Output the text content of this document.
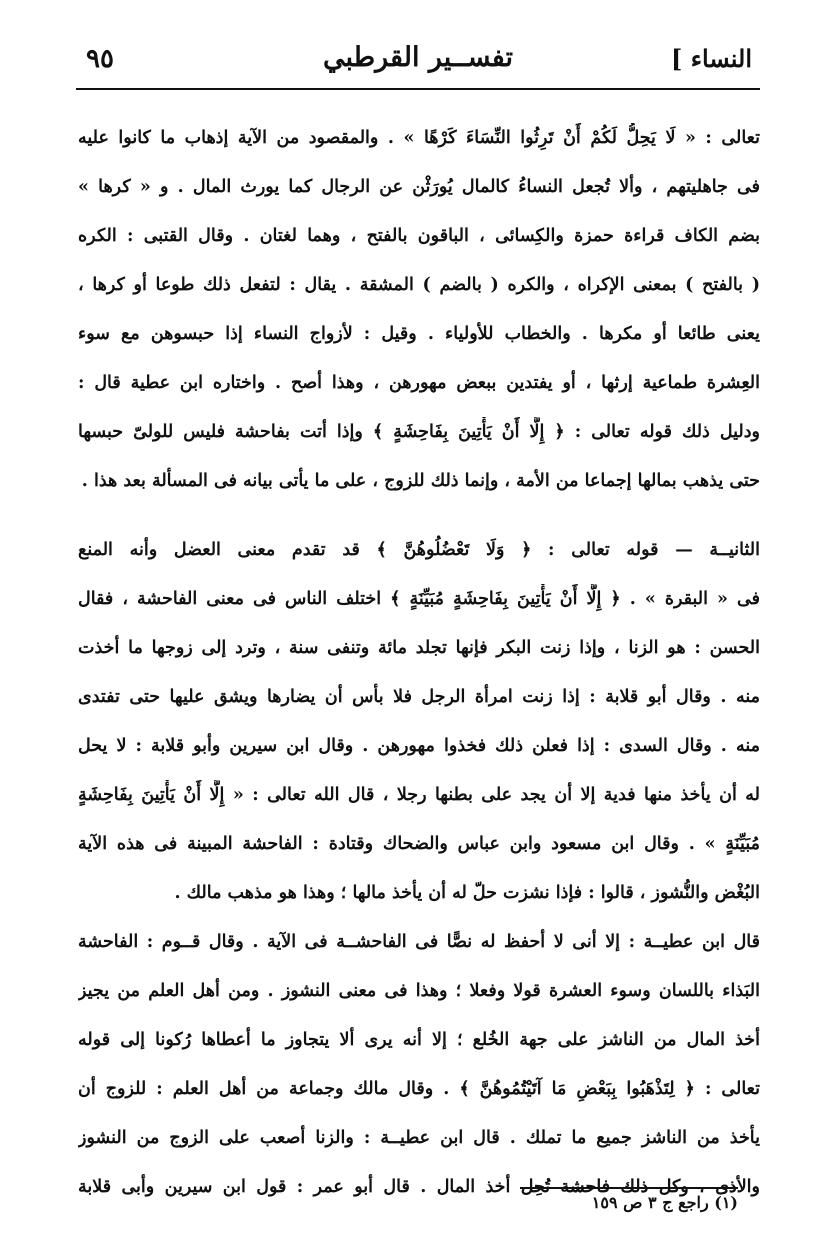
٩٥	تفســير القرطبي	النساء ]
تعالى : « لَا يَحِلُّ لَكُمْ أَنْ تَرِثُوا النِّسَاءَ كَرْهًا » . والمقصود من الآية إذهاب ما كانوا عليه
فى جاهليتهم ، وألا تُجعل النساءُ كالمال يُورَثْن عن الرجال كما يورث المال . و « كرها »
بضم الكاف قراءة حمزة والكِسائى ، الباقون بالفتح ، وهما لغتان . وقال القتبى : الكره
( بالفتح ) بمعنى الإكراه ، والكره ( بالضم ) المشقة . يقال : لتفعل ذلك طوعا أو كرها ،
يعنى طائعا أو مكرها . والخطاب للأولياء . وقيل : لأزواج النساء إذا حبسوهن مع سوء
العِشرة طماعية إرثها ، أو يفتدين ببعض مهورهن ، وهذا أصح . واختاره ابن عطية قال :
ودليل ذلك قوله تعالى : ﴿ إِلَّا أَنْ يَأْتِينَ بِفَاحِشَةٍ ﴾ وإذا أتت بفاحشة فليس للولىّ حبسها
حتى يذهب بمالها إجماعا من الأمة ، وإنما ذلك للزوج ، على ما يأتى بيانه فى المسألة بعد هذا .
الثانيــة — قوله تعالى : ﴿ وَلَا تَعْضُلُوهُنَّ ﴾ قد تقدم معنى العضل وأنه المنع
فى « البقرة » . ﴿ إِلَّا أَنْ يَأْتِينَ بِفَاحِشَةٍ مُبَيِّنَةٍ ﴾ اختلف الناس فى معنى الفاحشة ، فقال
الحسن : هو الزنا ، وإذا زنت البكر فإنها تجلد مائة وتنفى سنة ، وترد إلى زوجها ما أخذت
منه . وقال أبو قلابة : إذا زنت امرأة الرجل فلا بأس أن يضارها ويشق عليها حتى تفتدى
منه . وقال السدى : إذا فعلن ذلك فخذوا مهورهن . وقال ابن سيرين وأبو قلابة : لا يحل
له أن يأخذ منها فدية إلا أن يجد على بطنها رجلا ، قال الله تعالى : « إِلَّا أَنْ يَأْتِينَ بِفَاحِشَةٍ
مُبَيِّنَةٍ » . وقال ابن مسعود وابن عباس والضحاك وقتادة : الفاحشة المبينة فى هذه الآية
البُغْض والنُّشوز ، قالوا : فإذا نشزت حلّ له أن يأخذ مالها ؛ وهذا هو مذهب مالك .
قال ابن عطيــة : إلا أنى لا أحفظ له نصًّا فى الفاحشــة فى الآية . وقال قــوم : الفاحشة
البَذاء باللسان وسوء العشرة قولا وفعلا ؛ وهذا فى معنى النشوز . ومن أهل العلم من يجيز
أخذ المال من الناشز على جهة الخُلع ؛ إلا أنه يرى ألا يتجاوز ما أعطاها رُكونا إلى قوله
تعالى : ﴿ لِتَذْهَبُوا بِبَعْضِ مَا آتَيْتُمُوهُنَّ ﴾ . وقال مالك وجماعة من أهل العلم : للزوج أن
يأخذ من الناشز جميع ما تملك . قال ابن عطيــة : والزنا أصعب على الزوج من النشوز
والأذى ، وكل ذلك فاحشة تُحِل أخذ المال . قال أبو عمر : قول ابن سيرين وأبى قلابة
(١) راجع ج ٣ ص ١٥٩
